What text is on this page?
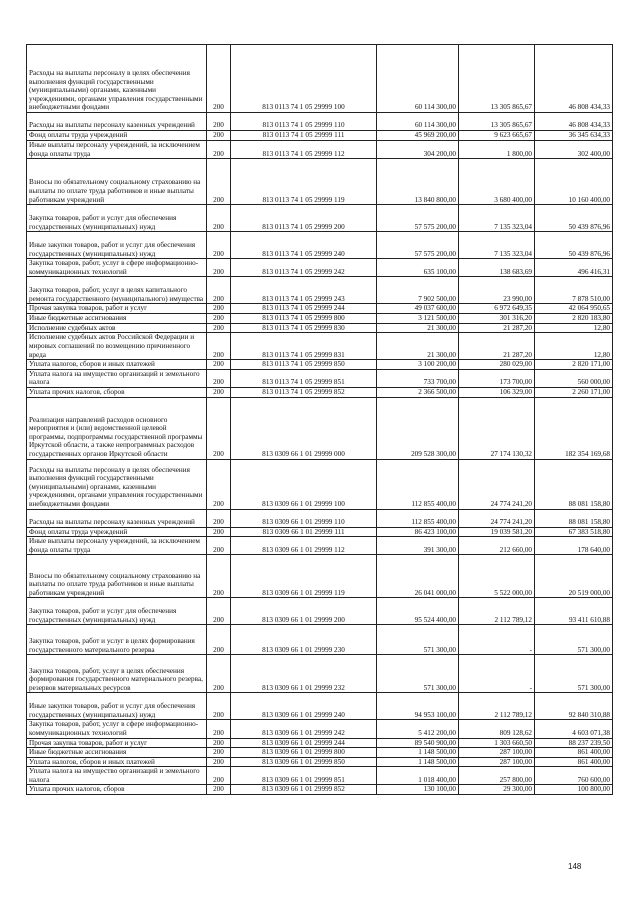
Расходы на выплаты персоналу в целях обеспечения выполнения функций государственными (муниципальными) органами, казенными учреждениями, органами управления государственными внебюджетными фондами	200	813 0113 74 1 05 29999 100	60 114 300,00	13 305 865,67	46 808 434,33
Расходы на выплаты персоналу казенных учреждений	200	813 0113 74 1 05 29999 110	60 114 300,00	13 305 865,67	46 808 434,33
Фонд оплаты труда учреждений	200	813 0113 74 1 05 29999 111	45 969 200,00	9 623 665,67	36 345 634,33
Иные выплаты персоналу учреждений, за исключением фонда оплаты труда	200	813 0113 74 1 05 29999 112	304 200,00	1 800,00	302 400,00
Взносы по обязательному социальному страхованию на выплаты по оплате труда работников и иные выплаты работникам учреждений	200	813 0113 74 1 05 29999 119	13 840 800,00	3 680 400,00	10 160 400,00
Закупка товаров, работ и услуг для обеспечения государственных (муниципальных) нужд	200	813 0113 74 1 05 29999 200	57 575 200,00	7 135 323,04	50 439 876,96
Иные закупки товаров, работ и услуг для обеспечения государственных (муниципальных) нужд	200	813 0113 74 1 05 29999 240	57 575 200,00	7 135 323,04	50 439 876,96
Закупка товаров, работ, услуг в сфере информационно-коммуникационных технологий	200	813 0113 74 1 05 29999 242	635 100,00	138 683,69	496 416,31
Закупка товаров, работ, услуг в целях капитального ремонта государственного (муниципального) имущества	200	813 0113 74 1 05 29999 243	7 902 500,00	23 990,00	7 878 510,00
Прочая закупка товаров, работ и услуг	200	813 0113 74 1 05 29999 244	49 037 600,00	6 972 649,35	42 064 950,65
Иные бюджетные ассигнования	200	813 0113 74 1 05 29999 800	3 121 500,00	301 316,20	2 820 183,80
Исполнение судебных актов	200	813 0113 74 1 05 29999 830	21 300,00	21 287,20	12,80
Исполнение судебных актов Российской Федерации и мировых соглашений по возмещению причиненного вреда	200	813 0113 74 1 05 29999 831	21 300,00	21 287,20	12,80
Уплата налогов, сборов и иных платежей	200	813 0113 74 1 05 29999 850	3 100 200,00	280 029,00	2 820 171,00
Уплата налога на имущество организаций и земельного налога	200	813 0113 74 1 05 29999 851	733 700,00	173 700,00	560 000,00
Уплата прочих налогов, сборов	200	813 0113 74 1 05 29999 852	2 366 500,00	106 329,00	2 260 171,00
Реализация направлений расходов основного мероприятия и (или) ведомственной целевой программы, подпрограммы государственной программы Иркутской области, а также непрограммных расходов государственных органов Иркутской области	200	813 0309 66 1 01 29999 000	209 528 300,00	27 174 130,32	182 354 169,68
Расходы на выплаты персоналу в целях обеспечения выполнения функций государственными (муниципальными) органами, казенными учреждениями, органами управления государственными внебюджетными фондами	200	813 0309 66 1 01 29999 100	112 855 400,00	24 774 241,20	88 081 158,80
Расходы на выплаты персоналу казенных учреждений	200	813 0309 66 1 01 29999 110	112 855 400,00	24 774 241,20	88 081 158,80
Фонд оплаты труда учреждений	200	813 0309 66 1 01 29999 111	86 423 100,00	19 039 581,20	67 383 518,80
Иные выплаты персоналу учреждений, за исключением фонда оплаты труда	200	813 0309 66 1 01 29999 112	391 300,00	212 660,00	178 640,00
Взносы по обязательному социальному страхованию на выплаты по оплате труда работников и иные выплаты работникам учреждений	200	813 0309 66 1 01 29999 119	26 041 000,00	5 522 000,00	20 519 000,00
Закупка товаров, работ и услуг для обеспечения государственных (муниципальных) нужд	200	813 0309 66 1 01 29999 200	95 524 400,00	2 112 789,12	93 411 610,88
Закупка товаров, работ и услуг в целях формирования государственного материального резерва	200	813 0309 66 1 01 29999 230	571 300,00	-	571 300,00
Закупка товаров, работ, услуг в целях обеспечения формирования государственного материального резерва, резервов материальных ресурсов	200	813 0309 66 1 01 29999 232	571 300,00	-	571 300,00
Иные закупки товаров, работ и услуг для обеспечения государственных (муниципальных) нужд	200	813 0309 66 1 01 29999 240	94 953 100,00	2 112 789,12	92 840 310,88
Закупка товаров, работ, услуг в сфере информационно-коммуникационных технологий	200	813 0309 66 1 01 29999 242	5 412 200,00	809 128,62	4 603 071,38
Прочая закупка товаров, работ и услуг	200	813 0309 66 1 01 29999 244	89 540 900,00	1 303 660,50	88 237 239,50
Иные бюджетные ассигнования	200	813 0309 66 1 01 29999 800	1 148 500,00	287 100,00	861 400,00
Уплата налогов, сборов и иных платежей	200	813 0309 66 1 01 29999 850	1 148 500,00	287 100,00	861 400,00
Уплата налога на имущество организаций и земельного налога	200	813 0309 66 1 01 29999 851	1 018 400,00	257 800,00	760 600,00
Уплата прочих налогов, сборов	200	813 0309 66 1 01 29999 852	130 100,00	29 300,00	100 800,00
148
